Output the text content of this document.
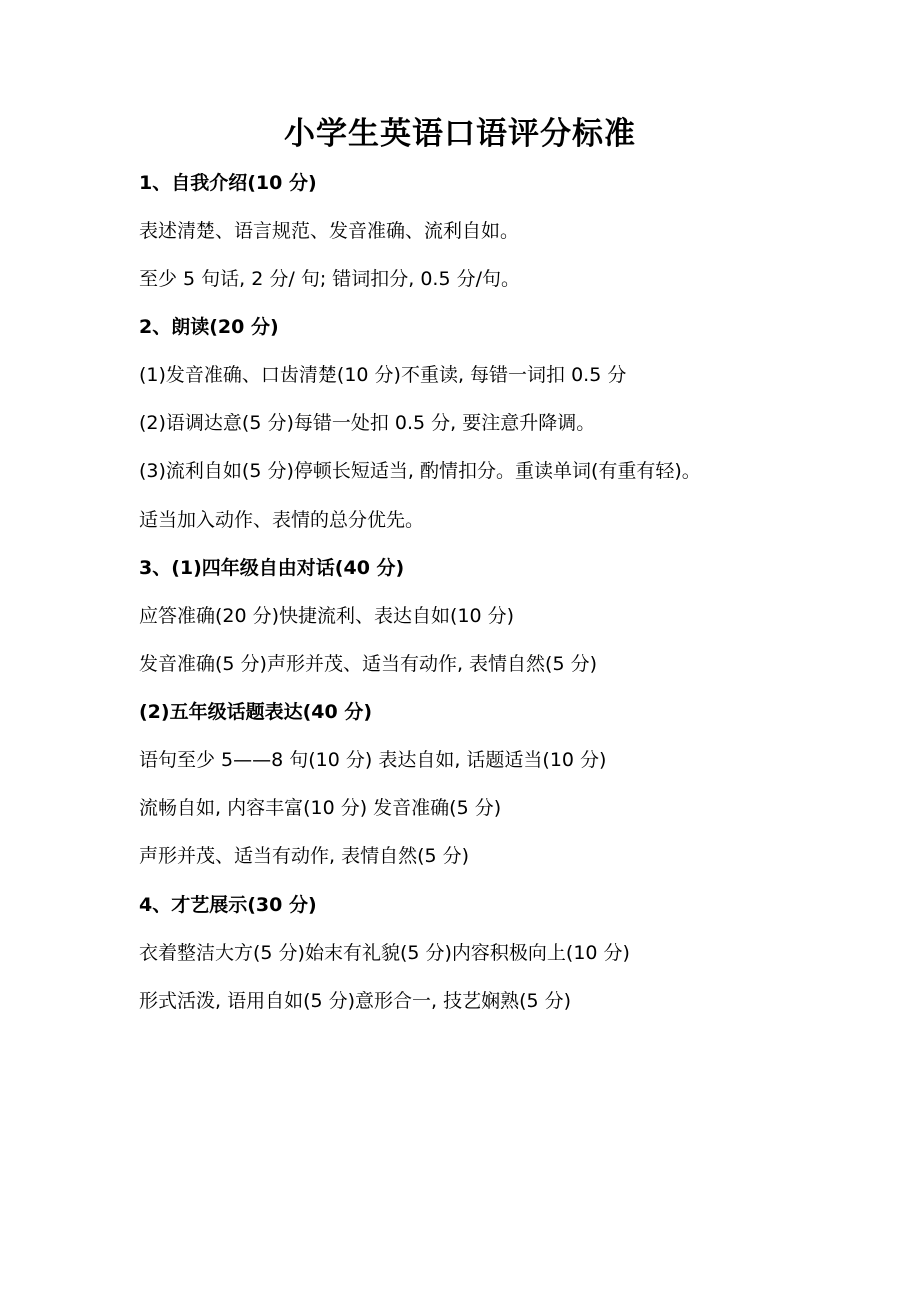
小学生英语口语评分标准

1、自我介绍(10 分)

表述清楚、语言规范、发音准确、流利自如。

至少 5 句话, 2 分/ 句; 错词扣分, 0.5 分/句。

2、朗读(20 分)

(1)发音准确、口齿清楚(10 分)不重读, 每错一词扣 0.5 分

(2)语调达意(5 分)每错一处扣 0.5 分, 要注意升降调。

(3)流利自如(5 分)停顿长短适当, 酌情扣分。重读单词(有重有轻)。

适当加入动作、表情的总分优先。

3、(1)四年级自由对话(40 分)

应答准确(20 分)快捷流利、表达自如(10 分)

发音准确(5 分)声形并茂、适当有动作, 表情自然(5 分)

(2)五年级话题表达(40 分)

语句至少 5——8 句(10 分) 表达自如, 话题适当(10 分)

流畅自如, 内容丰富(10 分) 发音准确(5 分)

声形并茂、适当有动作, 表情自然(5 分)

4、才艺展示(30 分)

衣着整洁大方(5 分)始末有礼貌(5 分)内容积极向上(10 分)

形式活泼, 语用自如(5 分)意形合一, 技艺娴熟(5 分)
